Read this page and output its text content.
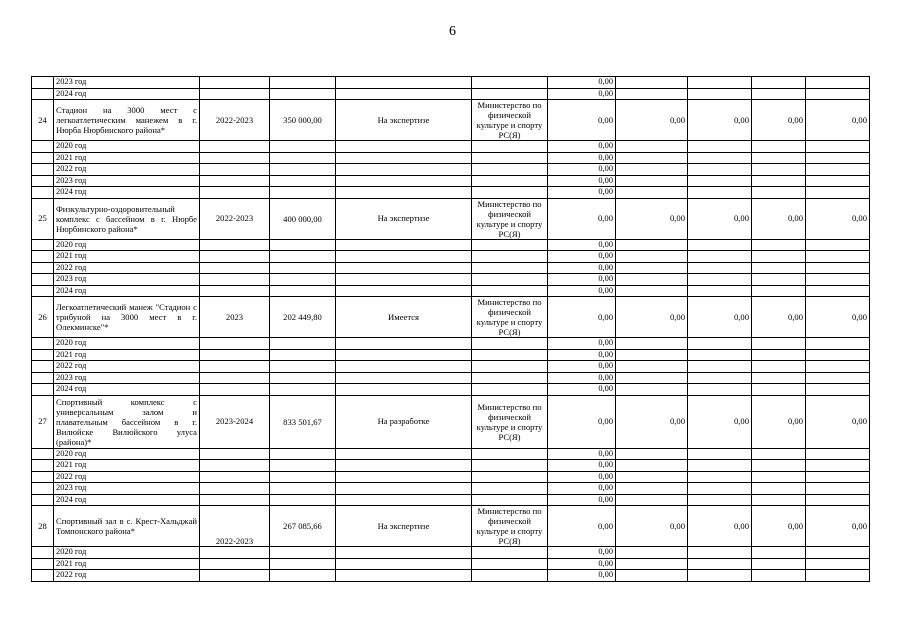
6
	2023 год					0,00				
	2024 год					0,00				
24	Стадион на 3000 мест с легкоатлетическим манежем в г. Нюрба Нюрбинского района*	2022-2023	350 000,00	На экспертизе	Министерство по физической культуре и спорту РС(Я)	0,00	0,00	0,00	0,00	0,00
	2020 год					0,00				
	2021 год					0,00				
	2022 год					0,00				
	2023 год					0,00				
	2024 год					0,00				
25	Физкультурно-оздоровительный комплекс с бассейном в г. Нюрбе Нюрбинского района*	2022-2023	400 000,00	На экспертизе	Министерство по физической культуре и спорту РС(Я)	0,00	0,00	0,00	0,00	0,00
	2020 год					0,00				
	2021 год					0,00				
	2022 год					0,00				
	2023 год					0,00				
	2024 год					0,00				
26	Легкоатлетический манеж "Стадион с трибуной на 3000 мест в г. Олекминске"*	2023	202 449,80	Имеется	Министерство по физической культуре и спорту РС(Я)	0,00	0,00	0,00	0,00	0,00
	2020 год					0,00				
	2021 год					0,00				
	2022 год					0,00				
	2023 год					0,00				
	2024 год					0,00				
27	Спортивный комплекс с универсальным залом и плавательным бассейном в г. Вилюйске Вилюйского улуса (района)*	2023-2024	833 501,67	На разработке	Министерство по физической культуре и спорту РС(Я)	0,00	0,00	0,00	0,00	0,00
	2020 год					0,00				
	2021 год					0,00				
	2022 год					0,00				
	2023 год					0,00				
	2024 год					0,00				
28	Спортивный зал в с. Крест-Хальджай Томпонского района*	2022-2023	267 085,66	На экспертизе	Министерство по физической культуре и спорту РС(Я)	0,00	0,00	0,00	0,00	0,00
	2020 год					0,00				
	2021 год					0,00				
	2022 год					0,00				
